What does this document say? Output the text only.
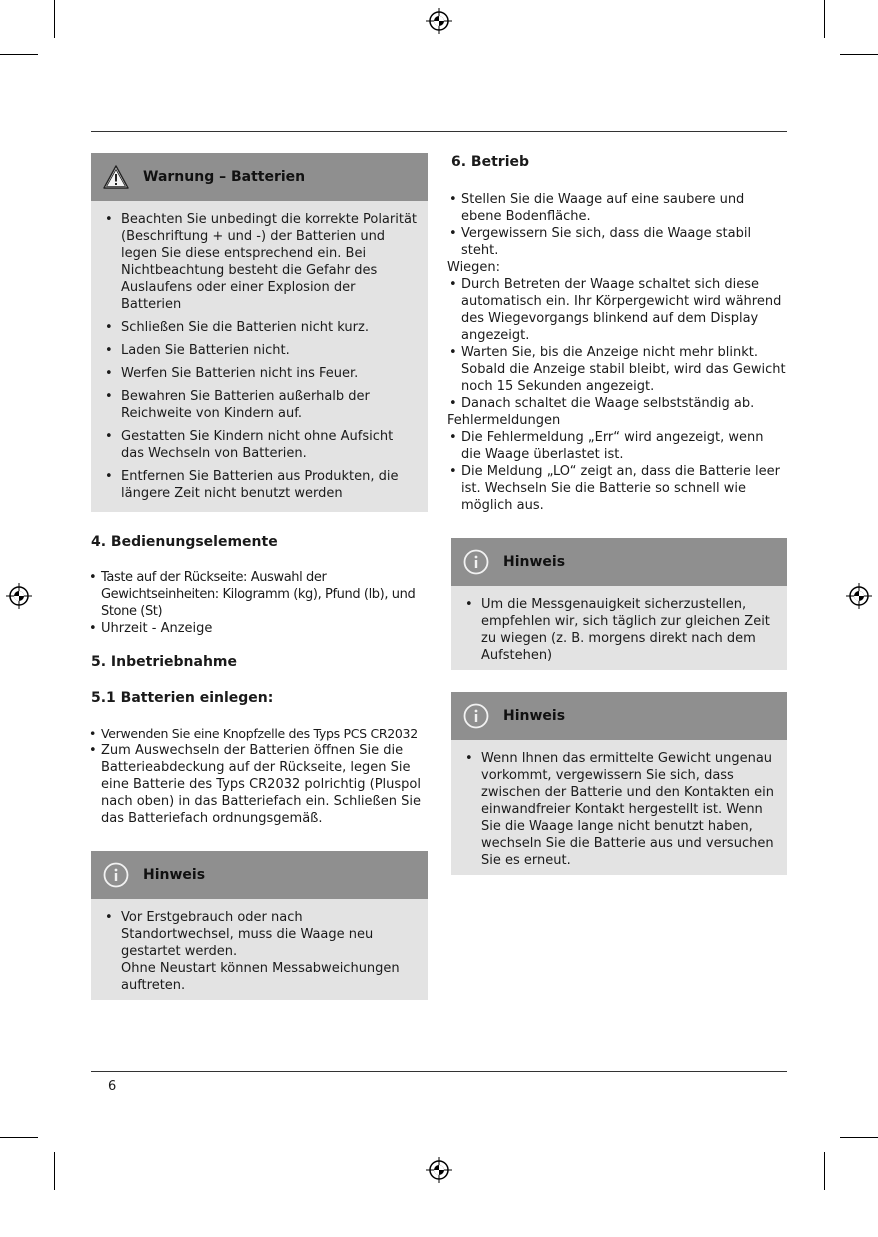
Warnung – Batterien
• Beachten Sie unbedingt die korrekte Polarität (Beschriftung + und -) der Batterien und legen Sie diese entsprechend ein. Bei Nichtbeachtung besteht die Gefahr des Auslaufens oder einer Explosion der Batterien
• Schließen Sie die Batterien nicht kurz.
• Laden Sie Batterien nicht.
• Werfen Sie Batterien nicht ins Feuer.
• Bewahren Sie Batterien außerhalb der Reichweite von Kindern auf.
• Gestatten Sie Kindern nicht ohne Aufsicht das Wechseln von Batterien.
• Entfernen Sie Batterien aus Produkten, die längere Zeit nicht benutzt werden
4. Bedienungselemente
• Taste auf der Rückseite: Auswahl der Gewichtseinheiten: Kilogramm (kg), Pfund (lb), und Stone (St)
• Uhrzeit - Anzeige
5. Inbetriebnahme
5.1 Batterien einlegen:
• Verwenden Sie eine Knopfzelle des Typs PCS CR2032
• Zum Auswechseln der Batterien öffnen Sie die Batterieabdeckung auf der Rückseite, legen Sie eine Batterie des Typs CR2032 polrichtig (Pluspol nach oben) in das Batteriefach ein. Schließen Sie das Batteriefach ordnungsgemäß.
Hinweis
• Vor Erstgebrauch oder nach Standortwechsel, muss die Waage neu gestartet werden.
Ohne Neustart können Messabweichungen auftreten.
6. Betrieb
• Stellen Sie die Waage auf eine saubere und ebene Bodenfläche.
• Vergewissern Sie sich, dass die Waage stabil steht.
Wiegen:
• Durch Betreten der Waage schaltet sich diese automatisch ein. Ihr Körpergewicht wird während des Wiegevorgangs blinkend auf dem Display angezeigt.
• Warten Sie, bis die Anzeige nicht mehr blinkt. Sobald die Anzeige stabil bleibt, wird das Gewicht noch 15 Sekunden angezeigt.
• Danach schaltet die Waage selbstständig ab.
Fehlermeldungen
• Die Fehlermeldung „Err“ wird angezeigt, wenn die Waage überlastet ist.
• Die Meldung „LO“ zeigt an, dass die Batterie leer ist. Wechseln Sie die Batterie so schnell wie möglich aus.
Hinweis
• Um die Messgenauigkeit sicherzustellen, empfehlen wir, sich täglich zur gleichen Zeit zu wiegen (z. B. morgens direkt nach dem Aufstehen)
Hinweis
• Wenn Ihnen das ermittelte Gewicht ungenau vorkommt, vergewissern Sie sich, dass zwischen der Batterie und den Kontakten ein einwandfreier Kontakt hergestellt ist. Wenn Sie die Waage lange nicht benutzt haben, wechseln Sie die Batterie aus und versuchen Sie es erneut.
6
